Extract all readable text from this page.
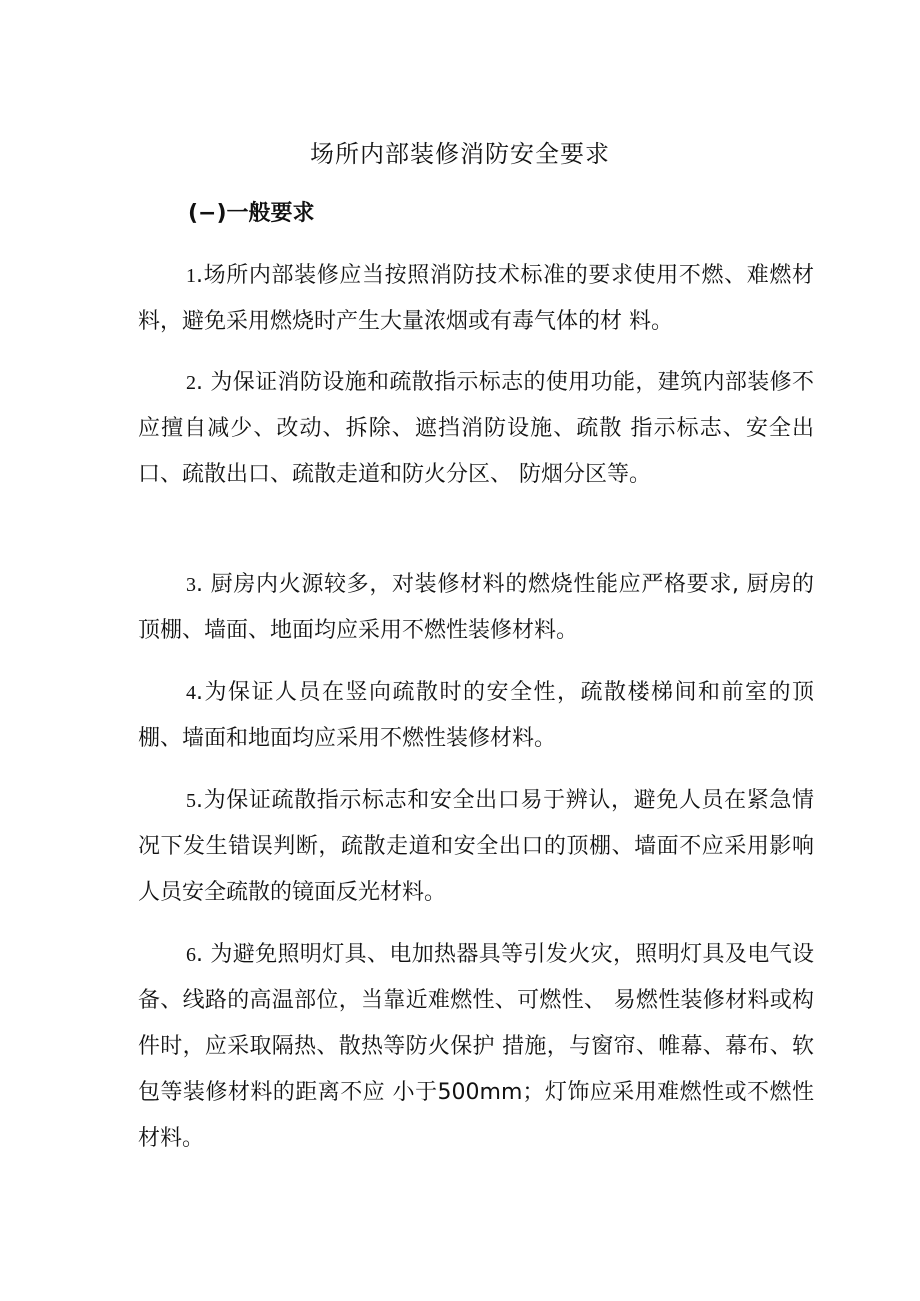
场所内部装修消防安全要求
(−)一般要求

1.场所内部装修应当按照消防技术标准的要求使用不燃、难燃材料，避免采用燃烧时产生大量浓烟或有毒气体的材 料。

2. 为保证消防设施和疏散指示标志的使用功能，建筑内部装修不应擅自减少、改动、拆除、遮挡消防设施、疏散 指示标志、安全出口、疏散出口、疏散走道和防火分区、 防烟分区等。

3. 厨房内火源较多，对装修材料的燃烧性能应严格要求, 厨房的顶棚、墙面、地面均应采用不燃性装修材料。

4.为保证人员在竖向疏散时的安全性，疏散楼梯间和前室的顶棚、墙面和地面均应采用不燃性装修材料。

5.为保证疏散指示标志和安全出口易于辨认，避免人员在紧急情况下发生错误判断，疏散走道和安全出口的顶棚、墙面不应采用影响人员安全疏散的镜面反光材料。

6. 为避免照明灯具、电加热器具等引发火灾，照明灯具及电气设备、线路的高温部位，当靠近难燃性、可燃性、 易燃性装修材料或构件时，应采取隔热、散热等防火保护 措施，与窗帘、帷幕、幕布、软包等装修材料的距离不应 小于500mm；灯饰应采用难燃性或不燃性材料。
